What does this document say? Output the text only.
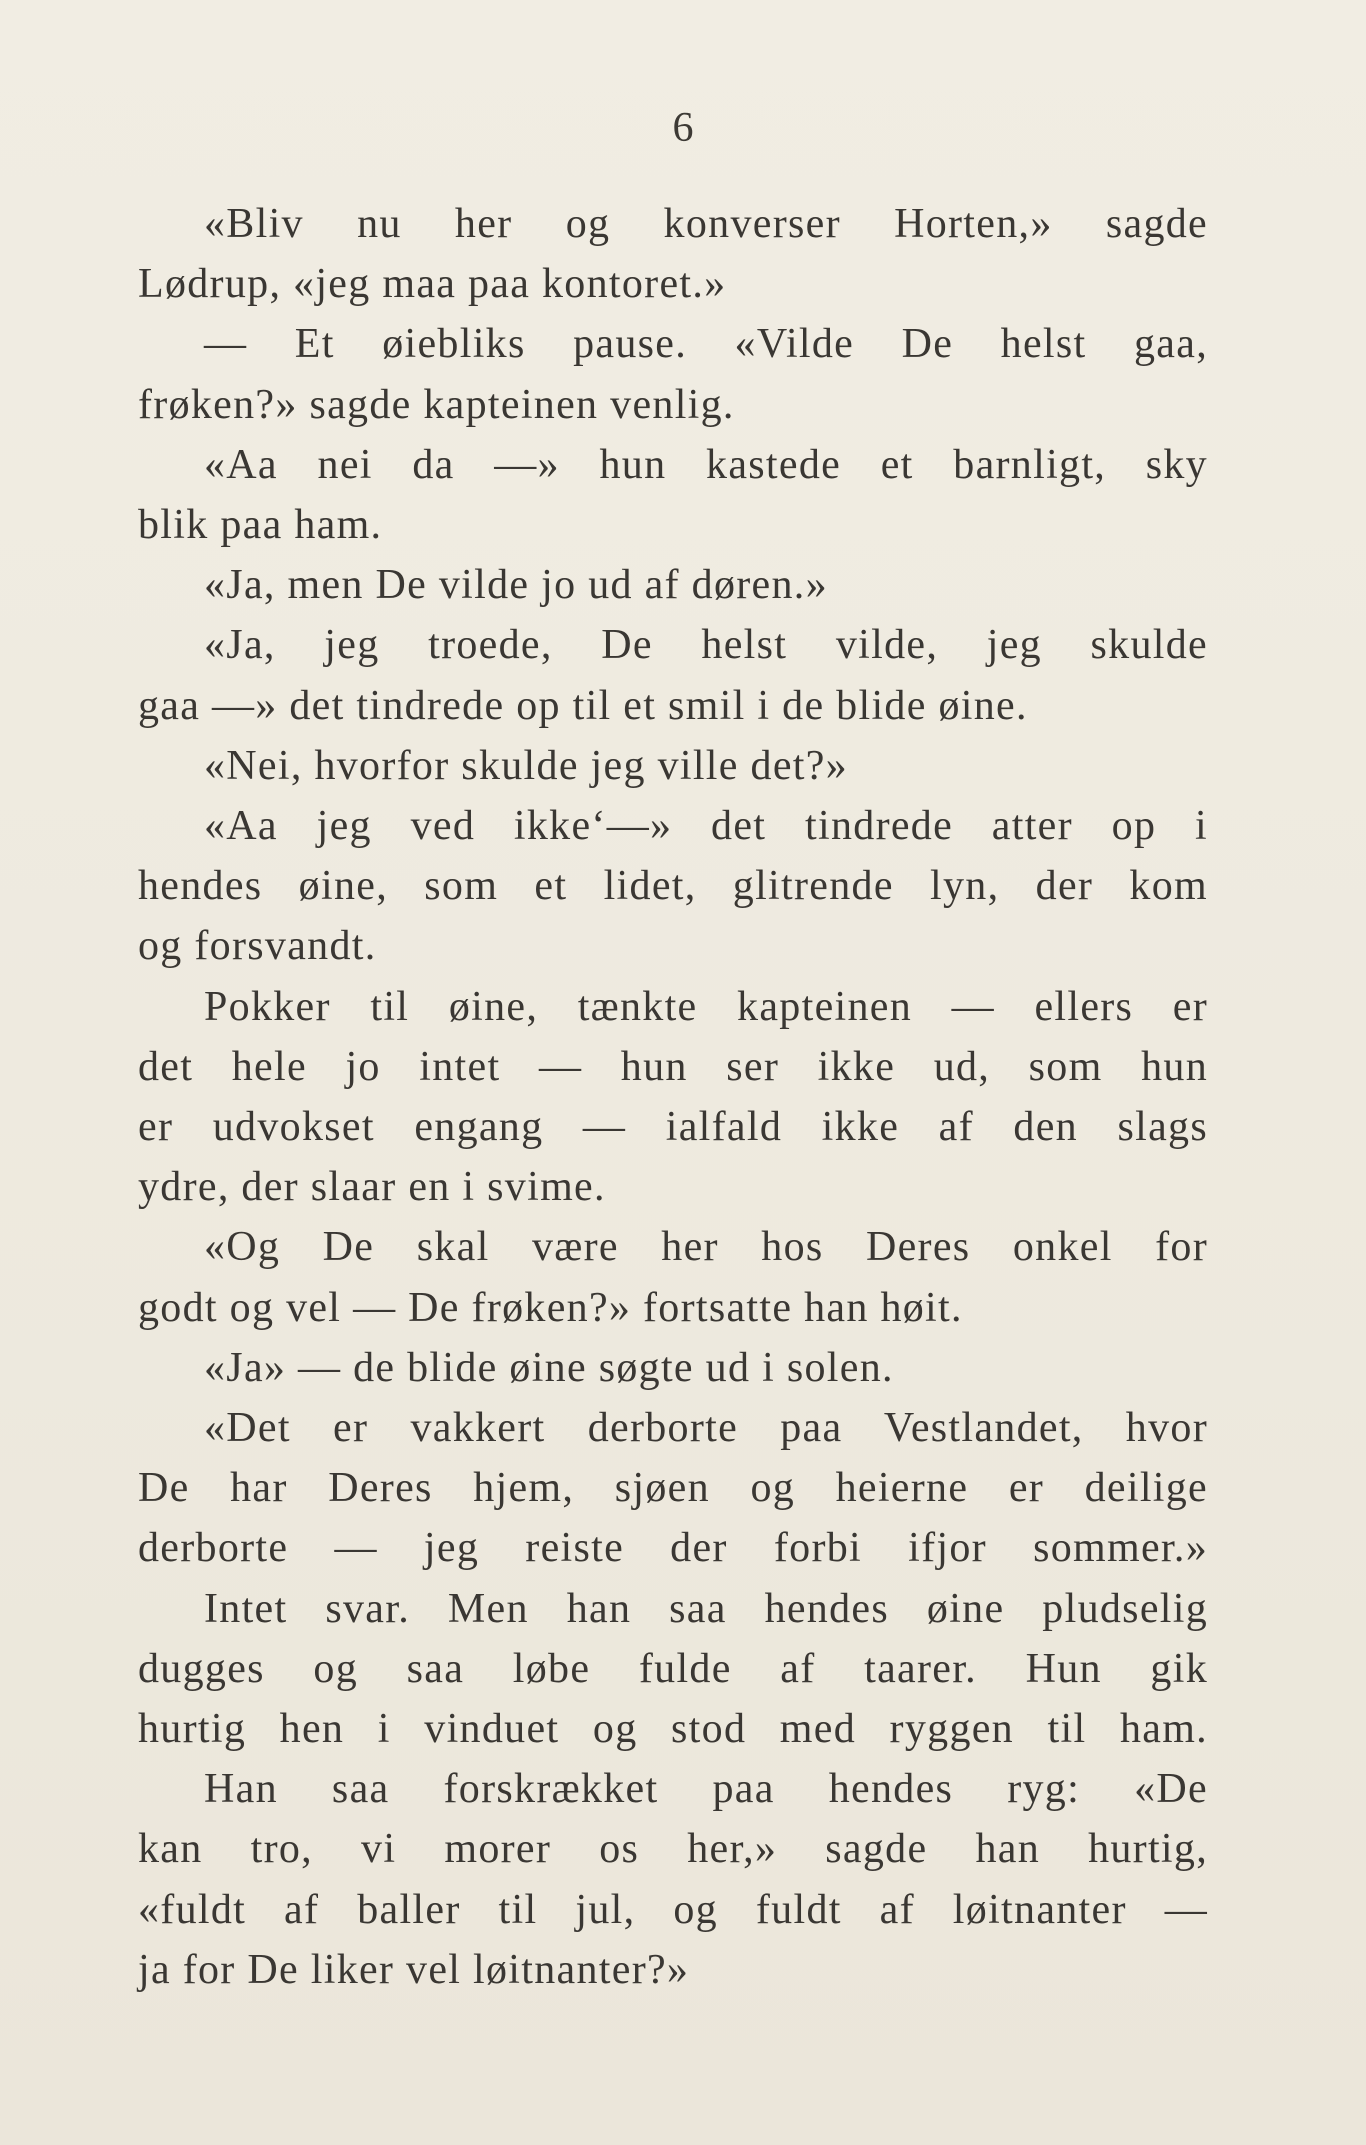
6
«Bliv nu her og konverser Horten,» sagde
Lødrup, «jeg maa paa kontoret.»
— Et øiebliks pause. «Vilde De helst gaa,
frøken?» sagde kapteinen venlig.
«Aa nei da —» hun kastede et barnligt, sky
blik paa ham.
«Ja, men De vilde jo ud af døren.»
«Ja, jeg troede, De helst vilde, jeg skulde
gaa —» det tindrede op til et smil i de blide øine.
«Nei, hvorfor skulde jeg ville det?»
«Aa jeg ved ikke‘—» det tindrede atter op i
hendes øine, som et lidet, glitrende lyn, der kom
og forsvandt.
Pokker til øine, tænkte kapteinen — ellers er
det hele jo intet — hun ser ikke ud, som hun
er udvokset engang — ialfald ikke af den slags
ydre, der slaar en i svime.
«Og De skal være her hos Deres onkel for
godt og vel — De frøken?» fortsatte han høit.
«Ja» — de blide øine søgte ud i solen.
«Det er vakkert derborte paa Vestlandet, hvor
De har Deres hjem, sjøen og heierne er deilige
derborte — jeg reiste der forbi ifjor sommer.»
Intet svar. Men han saa hendes øine pludselig
dugges og saa løbe fulde af taarer. Hun gik
hurtig hen i vinduet og stod med ryggen til ham.
Han saa forskrækket paa hendes ryg: «De
kan tro, vi morer os her,» sagde han hurtig,
«fuldt af baller til jul, og fuldt af løitnanter —
ja for De liker vel løitnanter?»
